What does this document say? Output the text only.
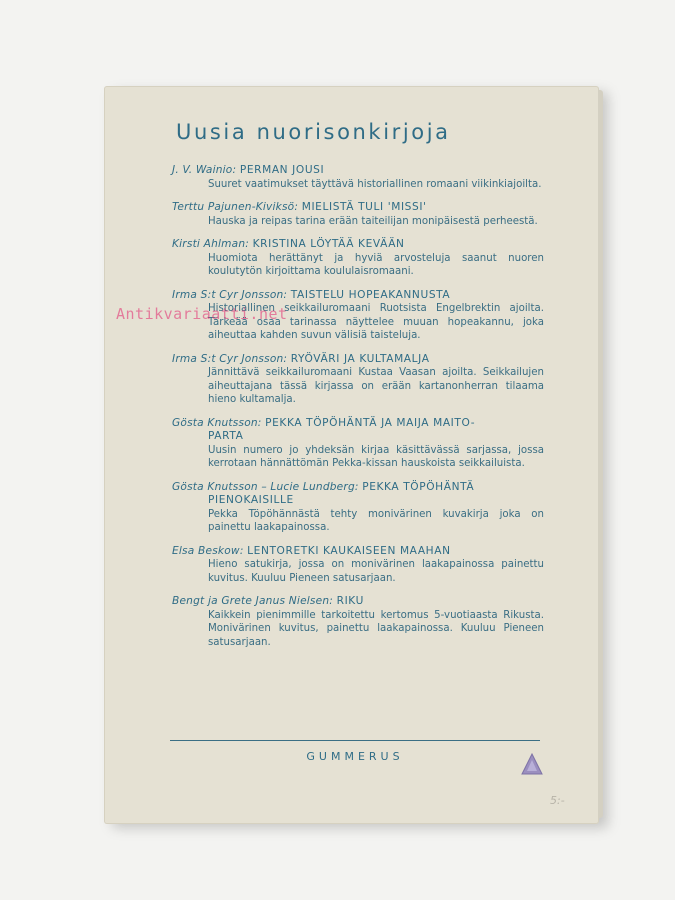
Uusia nuorisonkirjoja
J. V. Wainio: PERMAN JOUSI
Suuret vaatimukset täyttävä historiallinen romaani viikinkiajoilta.
Terttu Pajunen-Kiviksö: MIELISTÄ TULI 'MISSI'
Hauska ja reipas tarina erään taiteilijan monipäisestä perheestä.
Kirsti Ahlman: KRISTINA LÖYTÄÄ KEVÄÄN
Huomiota herättänyt ja hyviä arvosteluja saanut nuoren koulutytön kirjoittama koululaisromaani.
Irma S:t Cyr Jonsson: TAISTELU HOPEAKANNUSTA
Historiallinen seikkailuromaani Ruotsista Engelbrektin ajoilta. Tärkeää osaa tarinassa näyttelee muuan hopeakannu, joka aiheuttaa kahden suvun välisiä taisteluja.
Irma S:t Cyr Jonsson: RYÖVÄRI JA KULTAMALJA
Jännittävä seikkailuromaani Kustaa Vaasan ajoilta. Seikkailujen aiheuttajana tässä kirjassa on erään kartanonherran tilaama hieno kultamalja.
Gösta Knutsson: PEKKA TÖPÖHÄNTÄ JA MAIJA MAITO-
PARTA
Uusin numero jo yhdeksän kirjaa käsittävässä sarjassa, jossa kerrotaan hännättömän Pekka-kissan hauskoista seikkailuista.
Gösta Knutsson – Lucie Lundberg: PEKKA TÖPÖHÄNTÄ
PIENOKAISILLE
Pekka Töpöhännästä tehty monivärinen kuvakirja joka on painettu laakapainossa.
Elsa Beskow: LENTORETKI KAUKAISEEN MAAHAN
Hieno satukirja, jossa on monivärinen laakapainossa painettu kuvitus. Kuuluu Pieneen satusarjaan.
Bengt ja Grete Janus Nielsen: RIKU
Kaikkein pienimmille tarkoitettu kertomus 5-vuotiaasta Rikusta. Monivärinen kuvitus, painettu laakapainossa. Kuuluu Pieneen satusarjaan.
GUMMERUS
5:-
Antikvariaatti.net
